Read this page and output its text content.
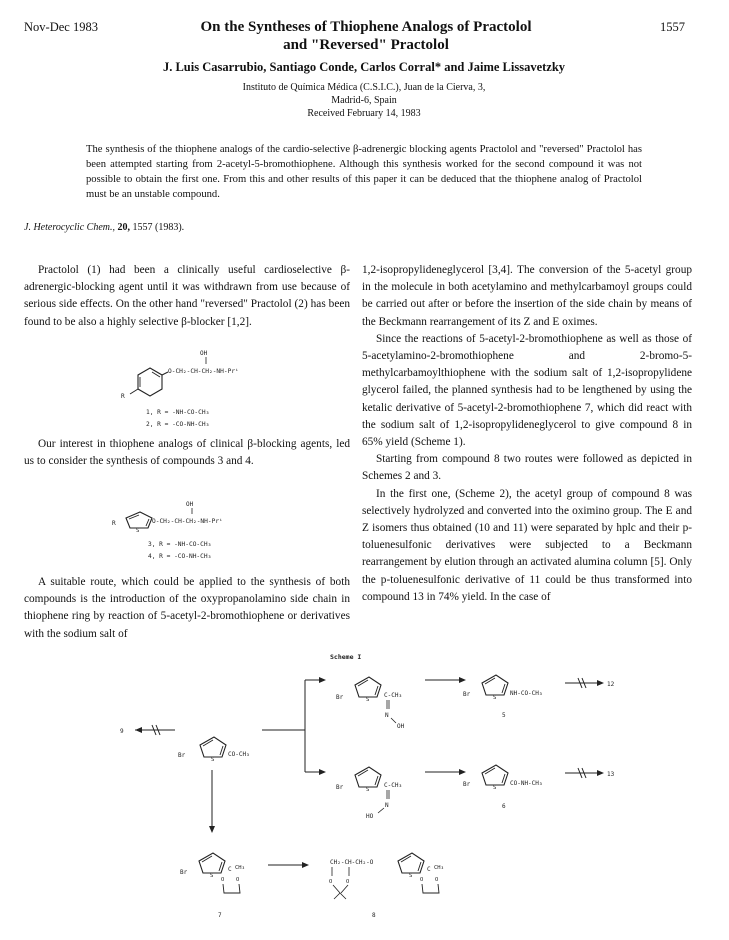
Nov-Dec 1983	1557
On the Syntheses of Thiophene Analogs of Practolol
and "Reversed" Practolol
J. Luis Casarrubio, Santiago Conde, Carlos Corral* and Jaime Lissavetzky
Instituto de Química Médica (C.S.I.C.), Juan de la Cierva, 3,
Madrid-6, Spain
Received February 14, 1983
The synthesis of the thiophene analogs of the cardio-selective β-adrenergic blocking agents Practolol and "reversed" Practolol has been attempted starting from 2-acetyl-5-bromothiophene. Although this synthesis worked for the second compound it was not possible to obtain the first one. From this and other results of this paper it can be deduced that the thiophene analog of Practolol must be an unstable compound.
J. Heterocyclic Chem., 20, 1557 (1983).

Practolol (1) had been a clinically useful cardioselective β-adrenergic-blocking agent until it was withdrawn from use because of serious side effects. On the other hand "reversed" Practolol (2) has been found to be also a highly selective β-blocker [1,2].

OH
O-CH₂-CH-CH₂-NH-Prⁱ
R
1, R = -NH-CO-CH₃
2, R = -CO-NH-CH₃

Our interest in thiophene analogs of clinical β-blocking agents, led us to consider the synthesis of compounds 3 and 4.

OH
O-CH₂-CH-CH₂-NH-Prⁱ
R
S
3, R = -NH-CO-CH₃
4, R = -CO-NH-CH₃

A suitable route, which could be applied to the synthesis of both compounds is the introduction of the oxypropanolamino side chain in thiophene ring by reaction of 5-acetyl-2-bromothiophene or derivatives with the sodium salt of

1,2-isopropylideneglycerol [3,4]. The conversion of the 5-acetyl group in the molecule in both acetylamino and methylcarbamoyl groups could be carried out after or before the insertion of the side chain by means of the Beckmann rearrangement of its Z and E oximes.

Since the reactions of 5-acetyl-2-bromothiophene as well as those of 5-acetylamino-2-bromothiophene and 2-bromo-5-methylcarbamoylthiophene with the sodium salt of 1,2-isopropylidene glycerol failed, the planned synthesis had to be lengthened by using the ketalic derivative of 5-acetyl-2-bromothiophene 7, which did react with the sodium salt of 1,2-isopropylideneglycerol to give compound 8 in 65% yield (Scheme 1).

Starting from compound 8 two routes were followed as depicted in Schemes 2 and 3.

In the first one, (Scheme 2), the acetyl group of compound 8 was selectively hydrolyzed and converted into the oximino group. The E and Z isomers thus obtained (10 and 11) were separated by hplc and their p-toluenesulfonic derivatives were subjected to a Beckmann rearrangement by elution through an activated alumina column [5]. Only the p-toluenesulfonic derivative of 11 could be thus transformed into compound 13 in 74% yield. In the case of

Scheme I
Br
S
CO-CH₃
9
Br	S
C-CH₃
N
OH
Br	S
NH-CO-CH₃
5
12
Br	S
C-CH₃
N
HO
Br	S
CO-NH-CH₃
6
13
Br	S
C CH₃
O O
7
CH₂-CH-CH₂-O
O O
S
C CH₃
O O
8
